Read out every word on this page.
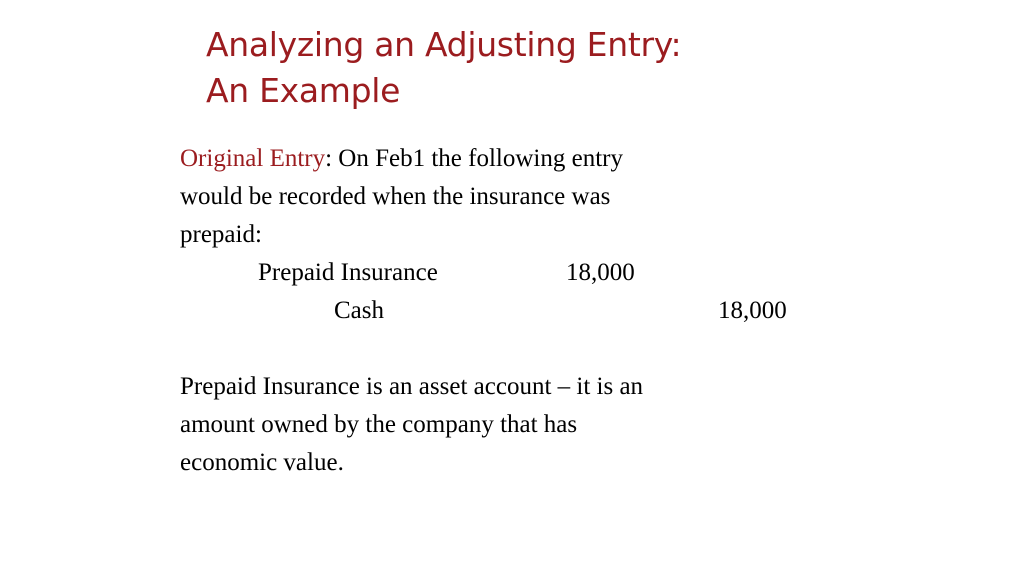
Analyzing an Adjusting Entry:
An Example
Original Entry: On Feb1 the following entry
would be recorded when the insurance was
prepaid:
Prepaid Insurance	18,000
Cash	18,000
Prepaid Insurance is an asset account – it is an
amount owned by the company that has
economic value.
